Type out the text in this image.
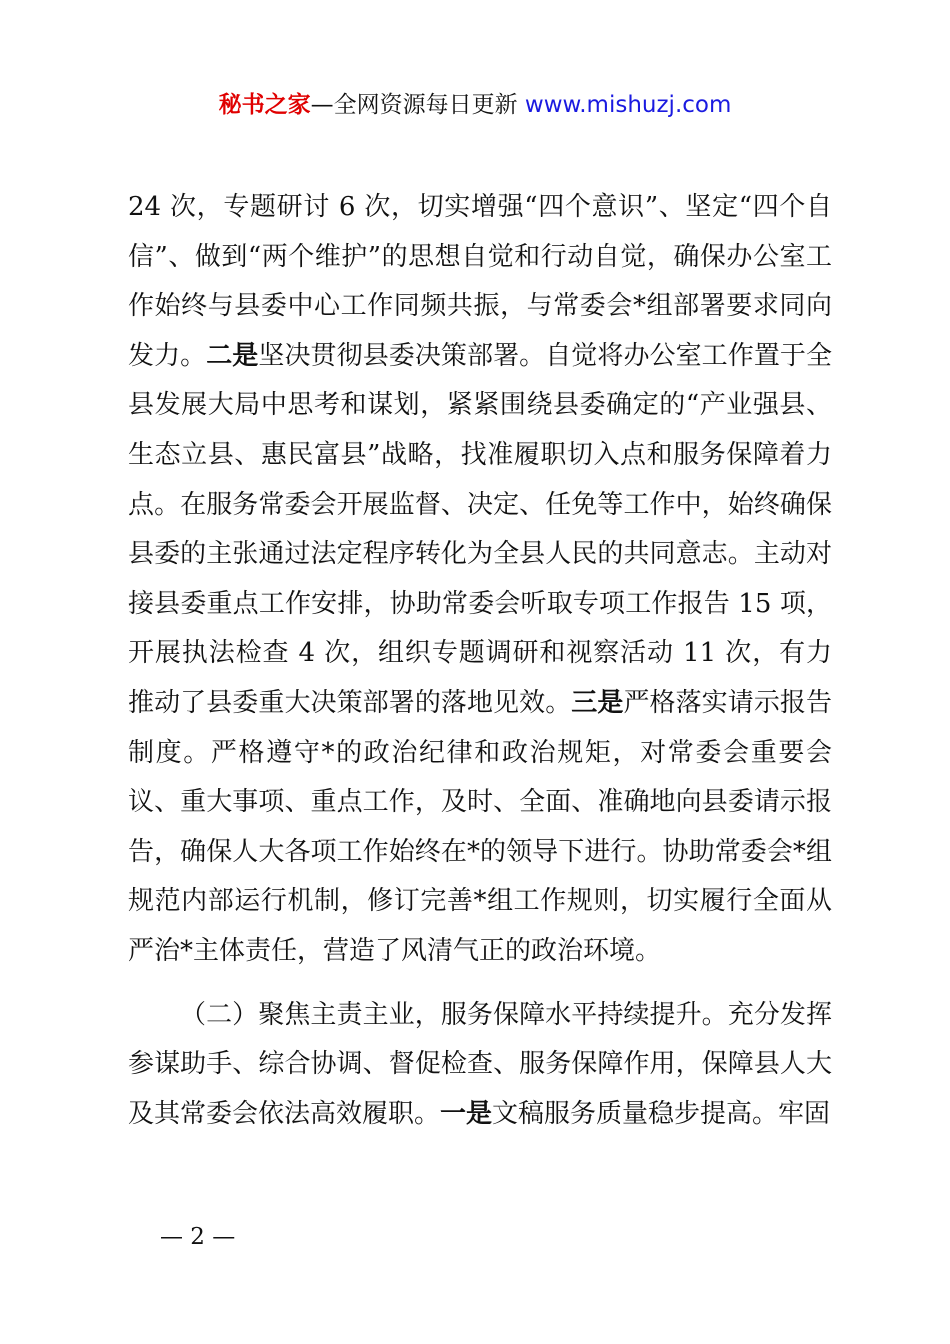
秘书之家—全网资源每日更新 www.mishuzj.com

24 次，专题研讨 6 次，切实增强“四个意识”、坚定“四个自信”、做到“两个维护”的思想自觉和行动自觉，确保办公室工作始终与县委中心工作同频共振，与常委会*组部署要求同向发力。二是坚决贯彻县委决策部署。自觉将办公室工作置于全县发展大局中思考和谋划，紧紧围绕县委确定的“产业强县、生态立县、惠民富县”战略，找准履职切入点和服务保障着力点。在服务常委会开展监督、决定、任免等工作中，始终确保县委的主张通过法定程序转化为全县人民的共同意志。主动对接县委重点工作安排，协助常委会听取专项工作报告 15 项，开展执法检查 4 次，组织专题调研和视察活动 11 次，有力推动了县委重大决策部署的落地见效。三是严格落实请示报告制度。严格遵守*的政治纪律和政治规矩，对常委会重要会议、重大事项、重点工作，及时、全面、准确地向县委请示报告，确保人大各项工作始终在*的领导下进行。协助常委会*组规范内部运行机制，修订完善*组工作规则，切实履行全面从严治*主体责任，营造了风清气正的政治环境。

（二）聚焦主责主业，服务保障水平持续提升。充分发挥参谋助手、综合协调、督促检查、服务保障作用，保障县人大及其常委会依法高效履职。一是文稿服务质量稳步提高。牢固

— 2 —
